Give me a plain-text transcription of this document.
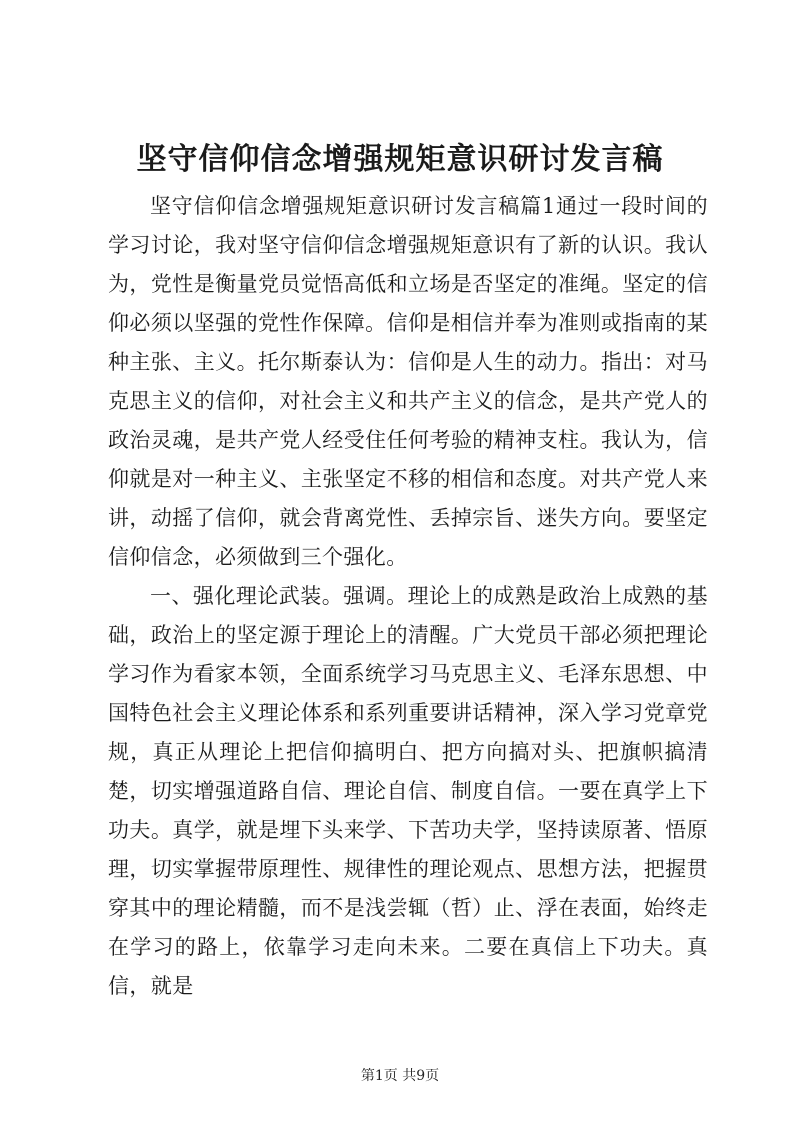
坚守信仰信念增强规矩意识研讨发言稿

坚守信仰信念增强规矩意识研讨发言稿篇1通过一段时间的学习讨论，我对坚守信仰信念增强规矩意识有了新的认识。我认为，党性是衡量党员觉悟高低和立场是否坚定的准绳。坚定的信仰必须以坚强的党性作保障。信仰是相信并奉为准则或指南的某种主张、主义。托尔斯泰认为：信仰是人生的动力。指出：对马克思主义的信仰，对社会主义和共产主义的信念，是共产党人的政治灵魂，是共产党人经受住任何考验的精神支柱。我认为，信仰就是对一种主义、主张坚定不移的相信和态度。对共产党人来讲，动摇了信仰，就会背离党性、丢掉宗旨、迷失方向。要坚定信仰信念，必须做到三个强化。

一、强化理论武装。强调。理论上的成熟是政治上成熟的基础，政治上的坚定源于理论上的清醒。广大党员干部必须把理论学习作为看家本领，全面系统学习马克思主义、毛泽东思想、中国特色社会主义理论体系和系列重要讲话精神，深入学习党章党规，真正从理论上把信仰搞明白、把方向搞对头、把旗帜搞清楚，切实增强道路自信、理论自信、制度自信。一要在真学上下功夫。真学，就是埋下头来学、下苦功夫学，坚持读原著、悟原理，切实掌握带原理性、规律性的理论观点、思想方法，把握贯穿其中的理论精髓，而不是浅尝辄（哲）止、浮在表面，始终走在学习的路上，依靠学习走向未来。二要在真信上下功夫。真信，就是

第1页 共9页
